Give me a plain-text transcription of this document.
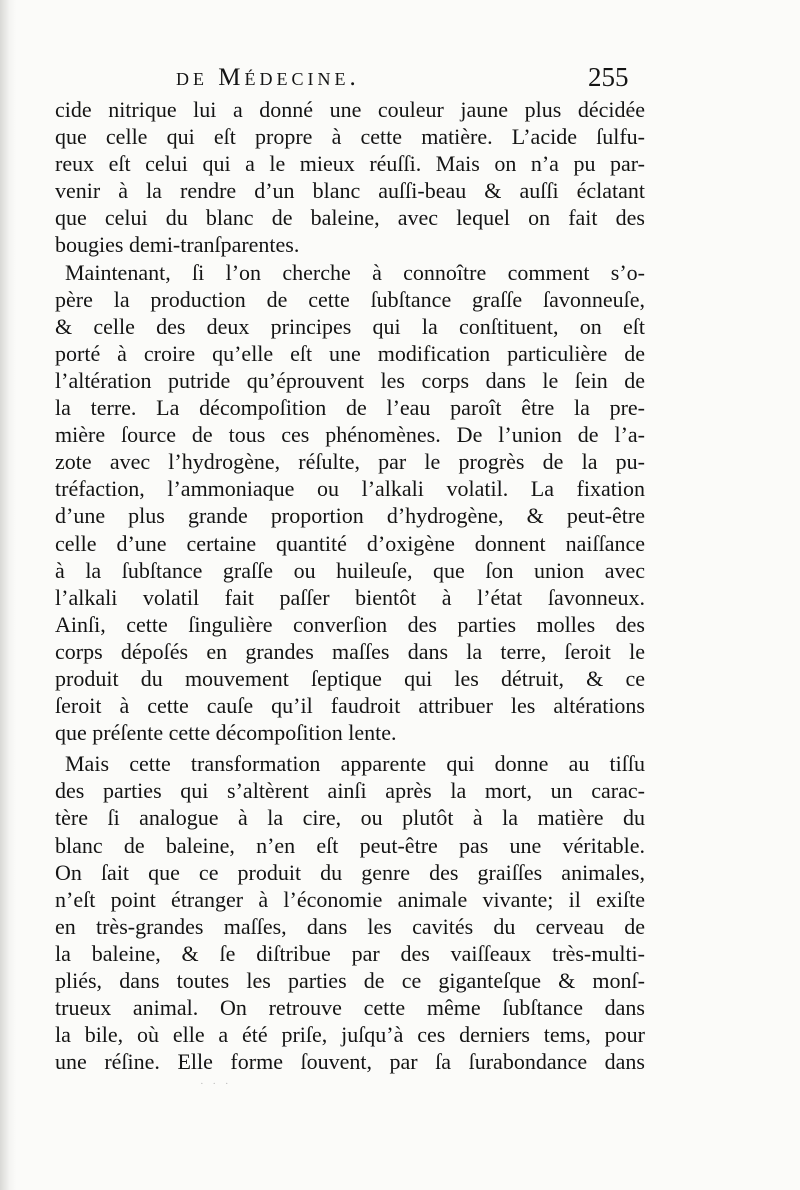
de Médecine.	255
cide nitrique lui a donné une couleur jaune plus décidée
que celle qui eſt propre à cette matière. L’acide ſulfu-
reux eſt celui qui a le mieux réuſſi. Mais on n’a pu par-
venir à la rendre d’un blanc auſſi-beau & auſſi éclatant
que celui du blanc de baleine, avec lequel on fait des
bougies demi-tranſparentes.
Maintenant, ſi l’on cherche à connoître comment s’o-
père la production de cette ſubſtance graſſe ſavonneuſe,
& celle des deux principes qui la conſtituent, on eſt
porté à croire qu’elle eſt une modification particulière de
l’altération putride qu’éprouvent les corps dans le ſein de
la terre. La décompoſition de l’eau paroît être la pre-
mière ſource de tous ces phénomènes. De l’union de l’a-
zote avec l’hydrogène, réſulte, par le progrès de la pu-
tréfaction, l’ammoniaque ou l’alkali volatil. La fixation
d’une plus grande proportion d’hydrogène, & peut-être
celle d’une certaine quantité d’oxigène donnent naiſſance
à la ſubſtance graſſe ou huileuſe, que ſon union avec
l’alkali volatil fait paſſer bientôt à l’état ſavonneux.
Ainſi, cette ſingulière converſion des parties molles des
corps dépoſés en grandes maſſes dans la terre, ſeroit le
produit du mouvement ſeptique qui les détruit, & ce
ſeroit à cette cauſe qu’il faudroit attribuer les altérations
que préſente cette décompoſition lente.
Mais cette transformation apparente qui donne au tiſſu
des parties qui s’altèrent ainſi après la mort, un carac-
tère ſi analogue à la cire, ou plutôt à la matière du
blanc de baleine, n’en eſt peut-être pas une véritable.
On ſait que ce produit du genre des graiſſes animales,
n’eſt point étranger à l’économie animale vivante; il exiſte
en très-grandes maſſes, dans les cavités du cerveau de
la baleine, & ſe diſtribue par des vaiſſeaux très-multi-
pliés, dans toutes les parties de ce giganteſque & monſ-
trueux animal. On retrouve cette même ſubſtance dans
la bile, où elle a été priſe, juſqu’à ces derniers tems, pour
une réſine. Elle forme ſouvent, par ſa ſurabondance dans
· · ·
